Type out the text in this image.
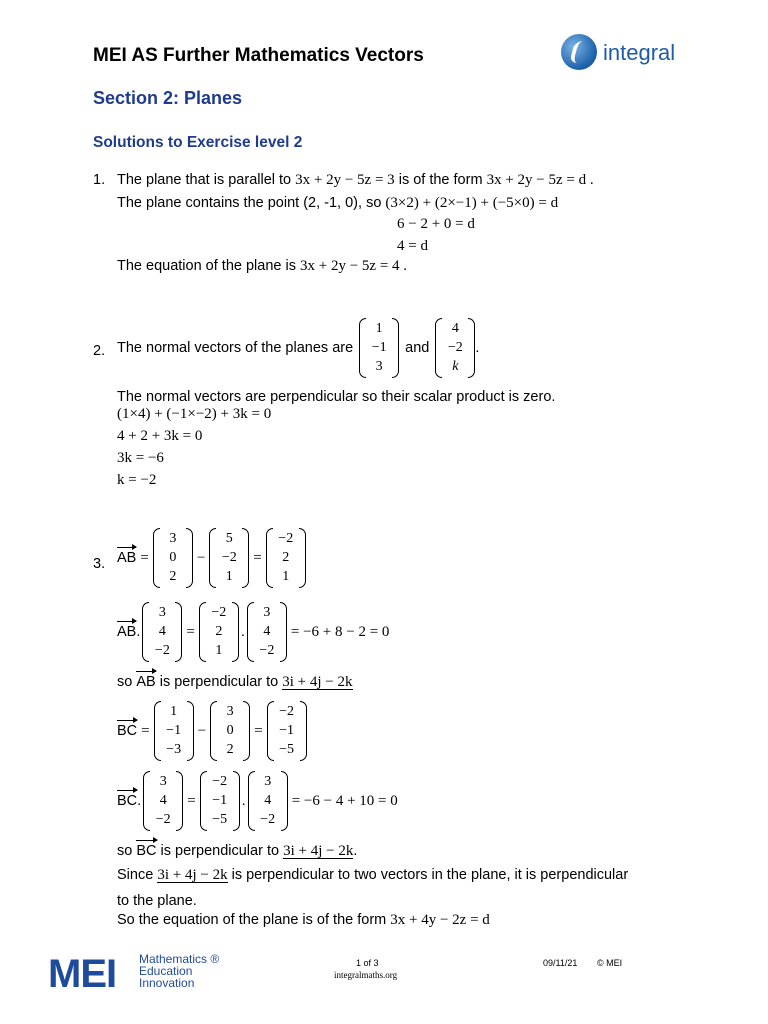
MEI AS Further Mathematics Vectors
Section 2: Planes
Solutions to Exercise level 2
integral
1. The plane that is parallel to 3x + 2y − 5z = 3 is of the form 3x + 2y − 5z = d .
The plane contains the point (2, -1, 0), so (3×2) + (2×−1) + (−5×0) = d
6 − 2 + 0 = d
4 = d
The equation of the plane is 3x + 2y − 5z = 4 .
2. The normal vectors of the planes are
1
−1
3
and
4
−2
k
.
The normal vectors are perpendicular so their scalar product is zero.
(1×4) + (−1×−2) + 3k = 0
4 + 2 + 3k = 0
3k = −6
k = −2
3. AB =
3
0
2
−
5
−2
1
=
−2
2
1
AB .
3
4
−2
=
−2
2
1
.
3
4
−2
= −6 + 8 − 2 = 0
so AB is perpendicular to 3i + 4j − 2k
BC =
1
−1
−3
−
3
0
2
=
−2
−1
−5
BC .
3
4
−2
=
−2
−1
−5
.
3
4
−2
= −6 − 4 + 10 = 0
so BC is perpendicular to 3i + 4j − 2k.
Since 3i + 4j − 2k is perpendicular to two vectors in the plane, it is perpendicular
to the plane.
So the equation of the plane is of the form 3x + 4y − 2z = d
MEI Mathematics ®
Education
Innovation
1 of 3
integralmaths.org
09/11/21 © MEI
